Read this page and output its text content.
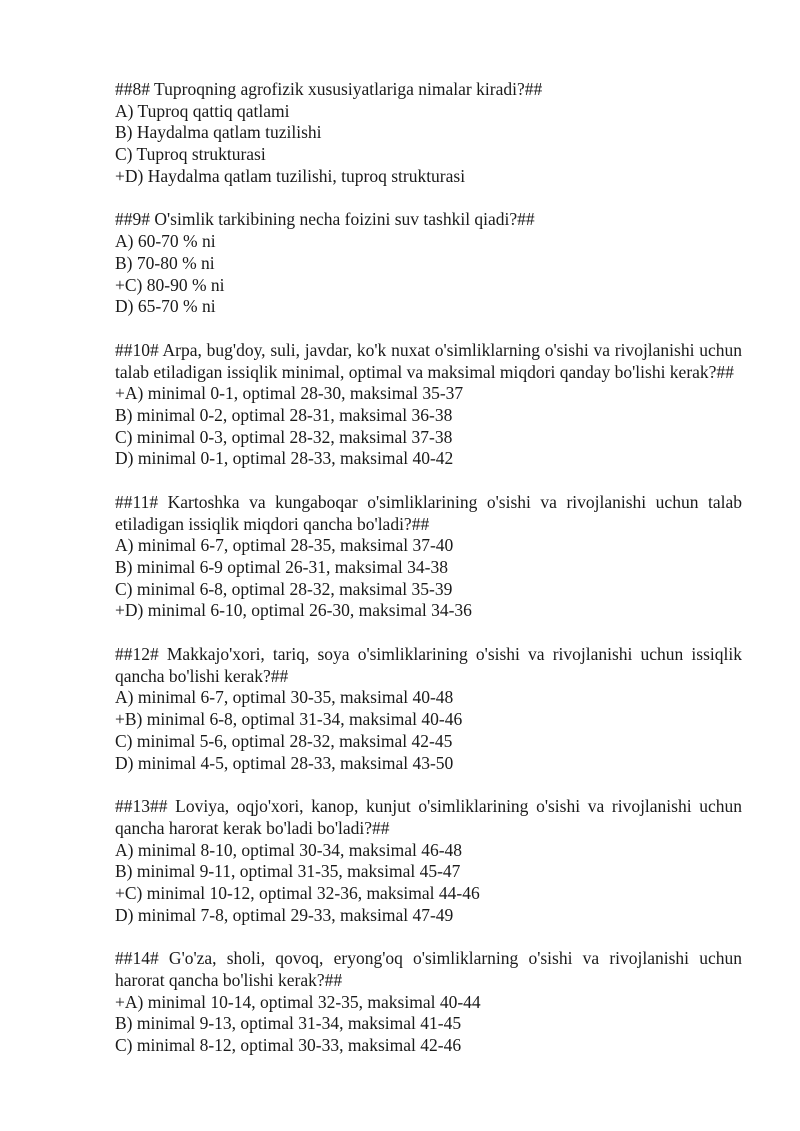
##8# Tuproqning agrofizik xususiyatlariga nimalar kiradi?##

A) Tuproq qattiq qatlami

B) Haydalma qatlam tuzilishi

C) Tuproq strukturasi

+D) Haydalma qatlam tuzilishi, tuproq strukturasi

##9# O'simlik tarkibining necha foizini suv tashkil qiadi?##

A) 60-70 % ni

B) 70-80 % ni

+C) 80-90 % ni

D) 65-70 % ni

##10# Arpa, bug'doy, suli, javdar, ko'k nuxat o'simliklarning o'sishi va rivojlanishi uchun talab etiladigan issiqlik minimal, optimal va maksimal miqdori qanday bo'lishi kerak?##

+A) minimal 0-1, optimal 28-30, maksimal 35-37

B) minimal 0-2, optimal 28-31, maksimal 36-38

C) minimal 0-3, optimal 28-32, maksimal 37-38

D) minimal 0-1, optimal 28-33, maksimal 40-42

##11# Kartoshka va kungaboqar o'simliklarining o'sishi va rivojlanishi uchun talab etiladigan issiqlik miqdori qancha bo'ladi?##

A) minimal 6-7, optimal 28-35, maksimal 37-40

B) minimal 6-9 optimal 26-31, maksimal 34-38

C) minimal 6-8, optimal 28-32, maksimal 35-39

+D) minimal 6-10, optimal 26-30, maksimal 34-36

##12# Makkajo'xori, tariq, soya o'simliklarining o'sishi va rivojlanishi uchun issiqlik qancha bo'lishi kerak?##

A) minimal 6-7, optimal 30-35, maksimal 40-48

+B) minimal 6-8, optimal 31-34, maksimal 40-46

C) minimal 5-6, optimal 28-32, maksimal 42-45

D) minimal 4-5, optimal 28-33, maksimal 43-50

##13## Loviya, oqjo'xori, kanop, kunjut o'simliklarining o'sishi va rivojlanishi uchun qancha harorat kerak bo'ladi bo'ladi?##

A) minimal 8-10, optimal 30-34, maksimal 46-48

B) minimal 9-11, optimal 31-35, maksimal 45-47

+C) minimal 10-12, optimal 32-36, maksimal 44-46

D) minimal 7-8, optimal 29-33, maksimal 47-49

##14# G'o'za, sholi, qovoq, eryong'oq o'simliklarning o'sishi va rivojlanishi uchun harorat qancha bo'lishi kerak?##

+A) minimal 10-14, optimal 32-35, maksimal 40-44

B) minimal 9-13, optimal 31-34, maksimal 41-45

C) minimal 8-12, optimal 30-33, maksimal 42-46
